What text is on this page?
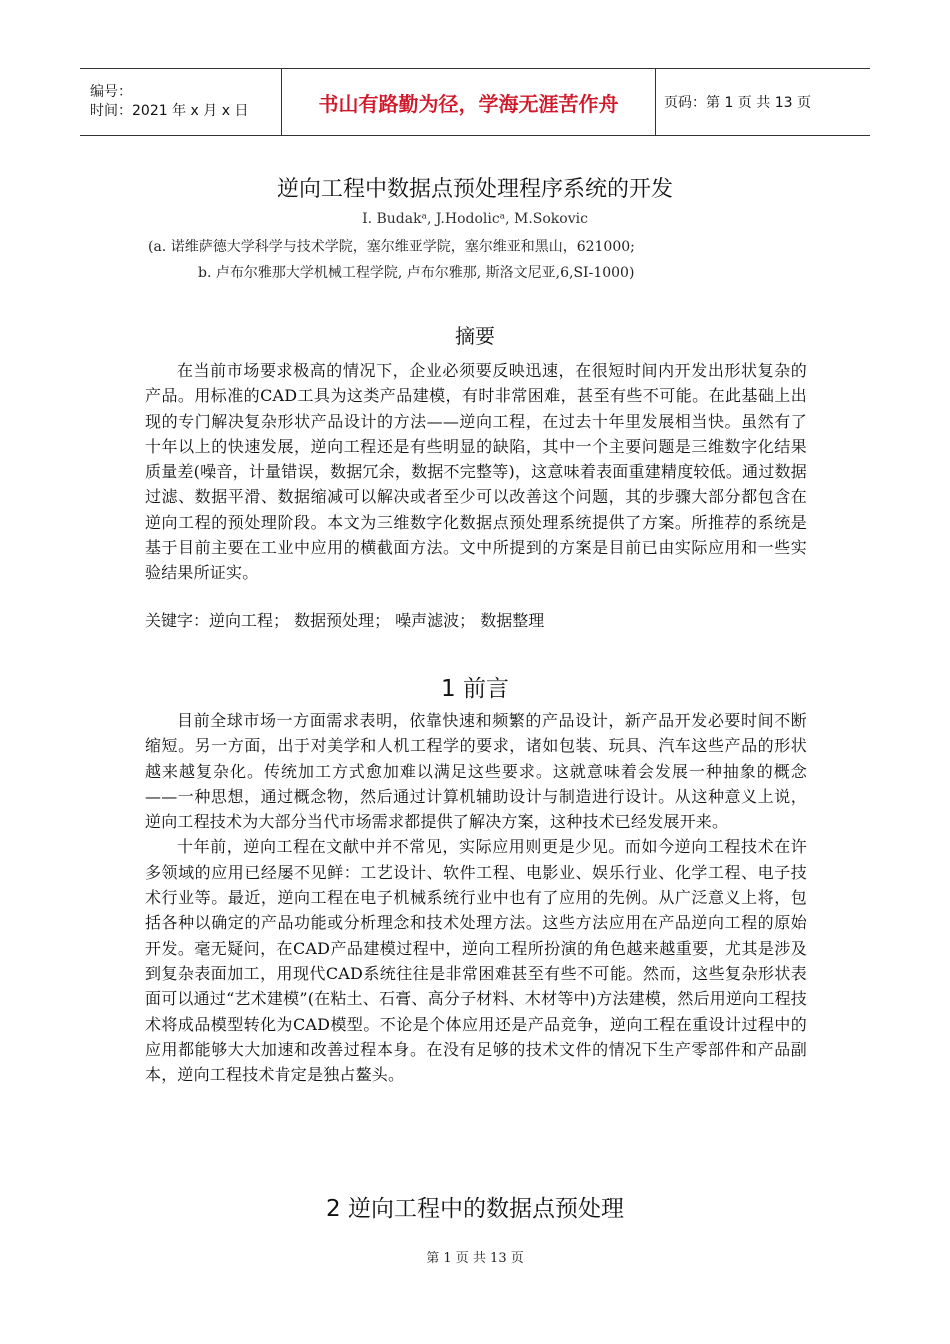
编号：
时间：2021 年 x 月 x 日	书山有路勤为径，学海无涯苦作舟	页码：第 1 页 共 13 页
逆向工程中数据点预处理程序系统的开发
I. Budakᵃ, J.Hodolicᵃ, M.Sokovic
(a. 诺维萨德大学科学与技术学院，塞尔维亚学院，塞尔维亚和黑山，621000;
b. 卢布尔雅那大学机械工程学院, 卢布尔雅那, 斯洛文尼亚,6,SI-1000)
摘要

在当前市场要求极高的情况下，企业必须要反映迅速，在很短时间内开发出形状复杂的产品。用标准的CAD工具为这类产品建模，有时非常困难，甚至有些不可能。在此基础上出现的专门解决复杂形状产品设计的方法——逆向工程，在过去十年里发展相当快。虽然有了十年以上的快速发展，逆向工程还是有些明显的缺陷，其中一个主要问题是三维数字化结果质量差(噪音，计量错误，数据冗余，数据不完整等)，这意味着表面重建精度较低。通过数据过滤、数据平滑、数据缩减可以解决或者至少可以改善这个问题，其的步骤大部分都包含在逆向工程的预处理阶段。本文为三维数字化数据点预处理系统提供了方案。所推荐的系统是基于目前主要在工业中应用的横截面方法。文中所提到的方案是目前已由实际应用和一些实验结果所证实。

关键字：逆向工程； 数据预处理； 噪声滤波； 数据整理
1 前言

目前全球市场一方面需求表明，依靠快速和频繁的产品设计，新产品开发必要时间不断缩短。另一方面，出于对美学和人机工程学的要求，诸如包装、玩具、汽车这些产品的形状越来越复杂化。传统加工方式愈加难以满足这些要求。这就意味着会发展一种抽象的概念——一种思想，通过概念物，然后通过计算机辅助设计与制造进行设计。从这种意义上说，逆向工程技术为大部分当代市场需求都提供了解决方案，这种技术已经发展开来。

十年前，逆向工程在文献中并不常见，实际应用则更是少见。而如今逆向工程技术在许多领域的应用已经屡不见鲜：工艺设计、软件工程、电影业、娱乐行业、化学工程、电子技术行业等。最近，逆向工程在电子机械系统行业中也有了应用的先例。从广泛意义上将，包括各种以确定的产品功能或分析理念和技术处理方法。这些方法应用在产品逆向工程的原始开发。毫无疑问，在CAD产品建模过程中，逆向工程所扮演的角色越来越重要，尤其是涉及到复杂表面加工，用现代CAD系统往往是非常困难甚至有些不可能。然而，这些复杂形状表面可以通过“艺术建模”(在粘土、石膏、高分子材料、木材等中)方法建模，然后用逆向工程技术将成品模型转化为CAD模型。不论是个体应用还是产品竞争，逆向工程在重设计过程中的应用都能够大大加速和改善过程本身。在没有足够的技术文件的情况下生产零部件和产品副本，逆向工程技术肯定是独占鳌头。

2 逆向工程中的数据点预处理
第 1 页 共 13 页
